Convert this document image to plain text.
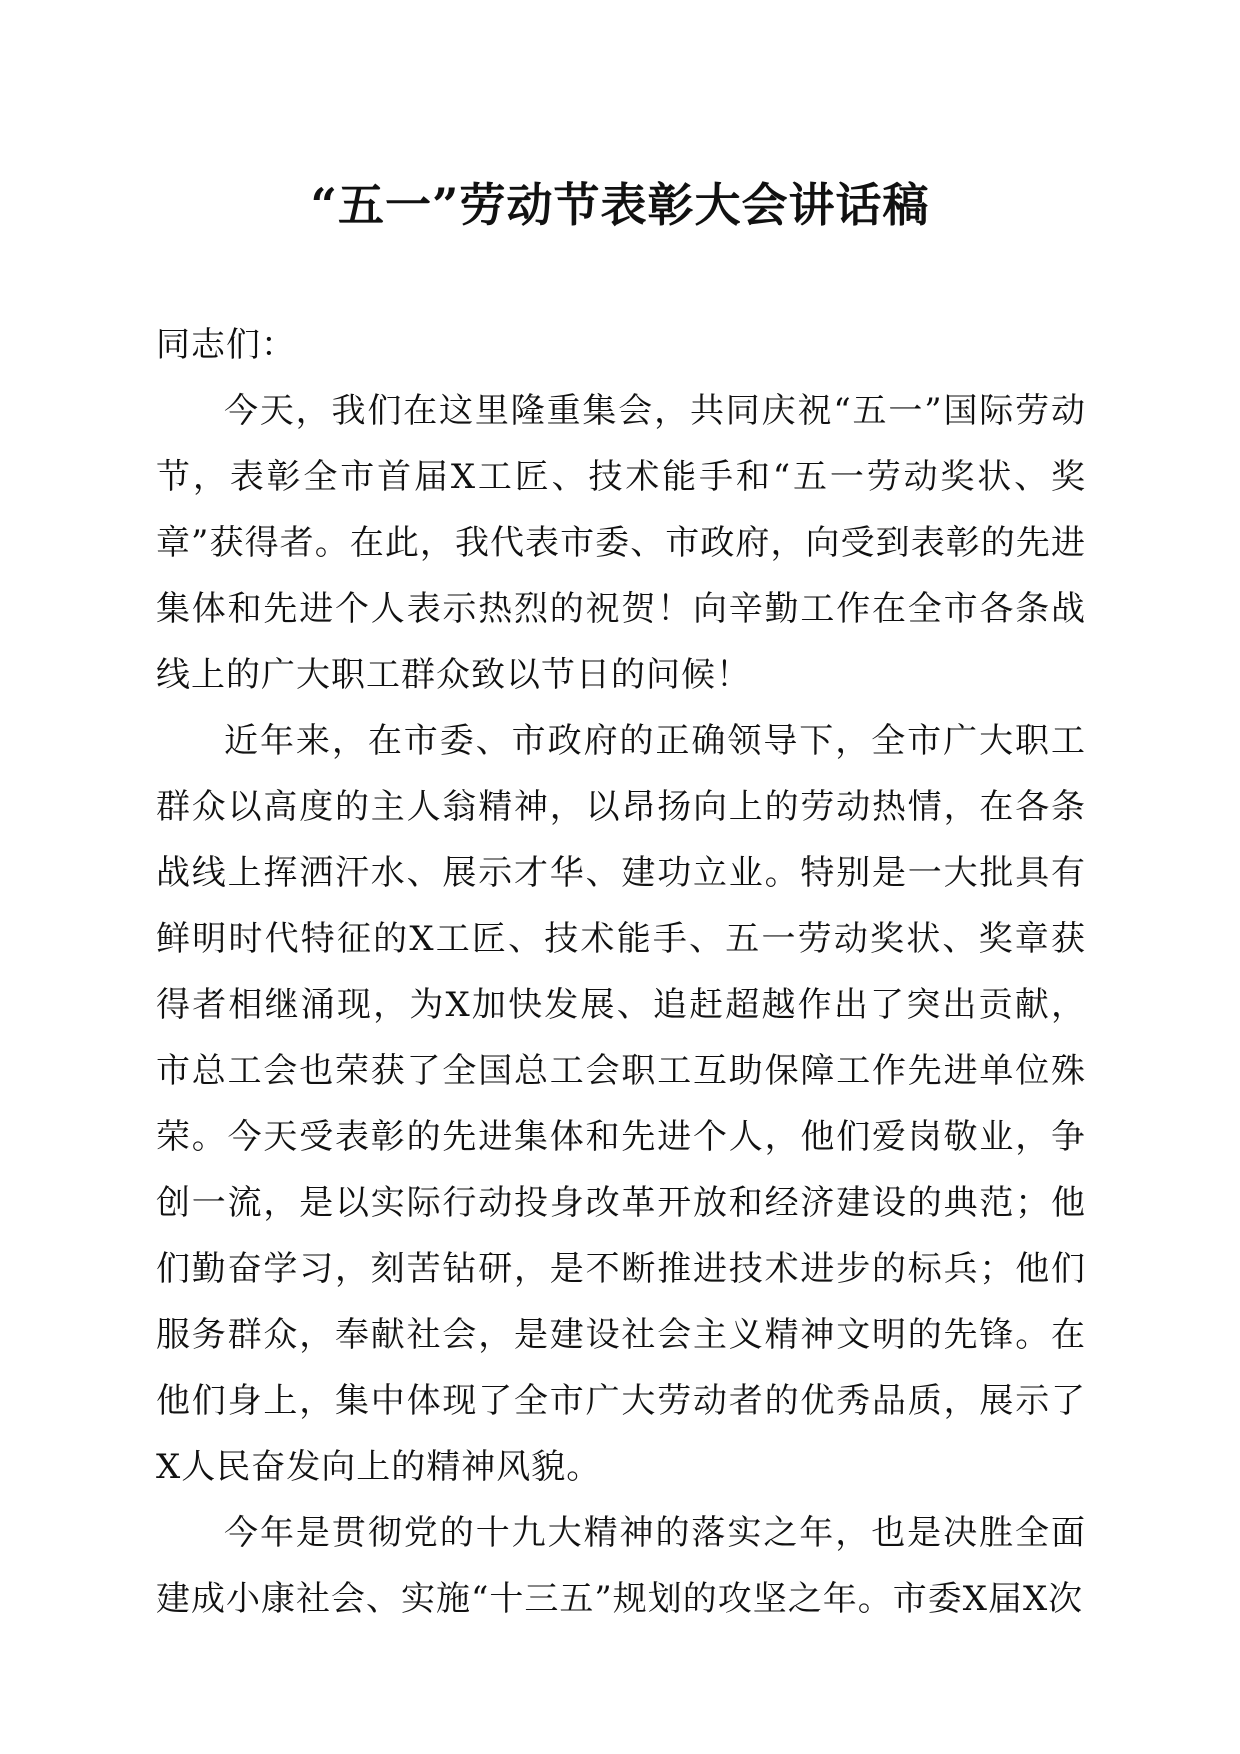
“五一”劳动节表彰大会讲话稿

同志们：

今天，我们在这里隆重集会，共同庆祝“五一”国际劳动节，表彰全市首届X工匠、技术能手和“五一劳动奖状、奖章”获得者。在此，我代表市委、市政府，向受到表彰的先进集体和先进个人表示热烈的祝贺！向辛勤工作在全市各条战线上的广大职工群众致以节日的问候！

近年来，在市委、市政府的正确领导下，全市广大职工群众以高度的主人翁精神，以昂扬向上的劳动热情，在各条战线上挥洒汗水、展示才华、建功立业。特别是一大批具有鲜明时代特征的X工匠、技术能手、五一劳动奖状、奖章获得者相继涌现，为X加快发展、追赶超越作出了突出贡献，市总工会也荣获了全国总工会职工互助保障工作先进单位殊荣。今天受表彰的先进集体和先进个人，他们爱岗敬业，争创一流，是以实际行动投身改革开放和经济建设的典范；他们勤奋学习，刻苦钻研，是不断推进技术进步的标兵；他们服务群众，奉献社会，是建设社会主义精神文明的先锋。在他们身上，集中体现了全市广大劳动者的优秀品质，展示了X人民奋发向上的精神风貌。

今年是贯彻党的十九大精神的落实之年，也是决胜全面建成小康社会、实施“十三五”规划的攻坚之年。市委X届X次
